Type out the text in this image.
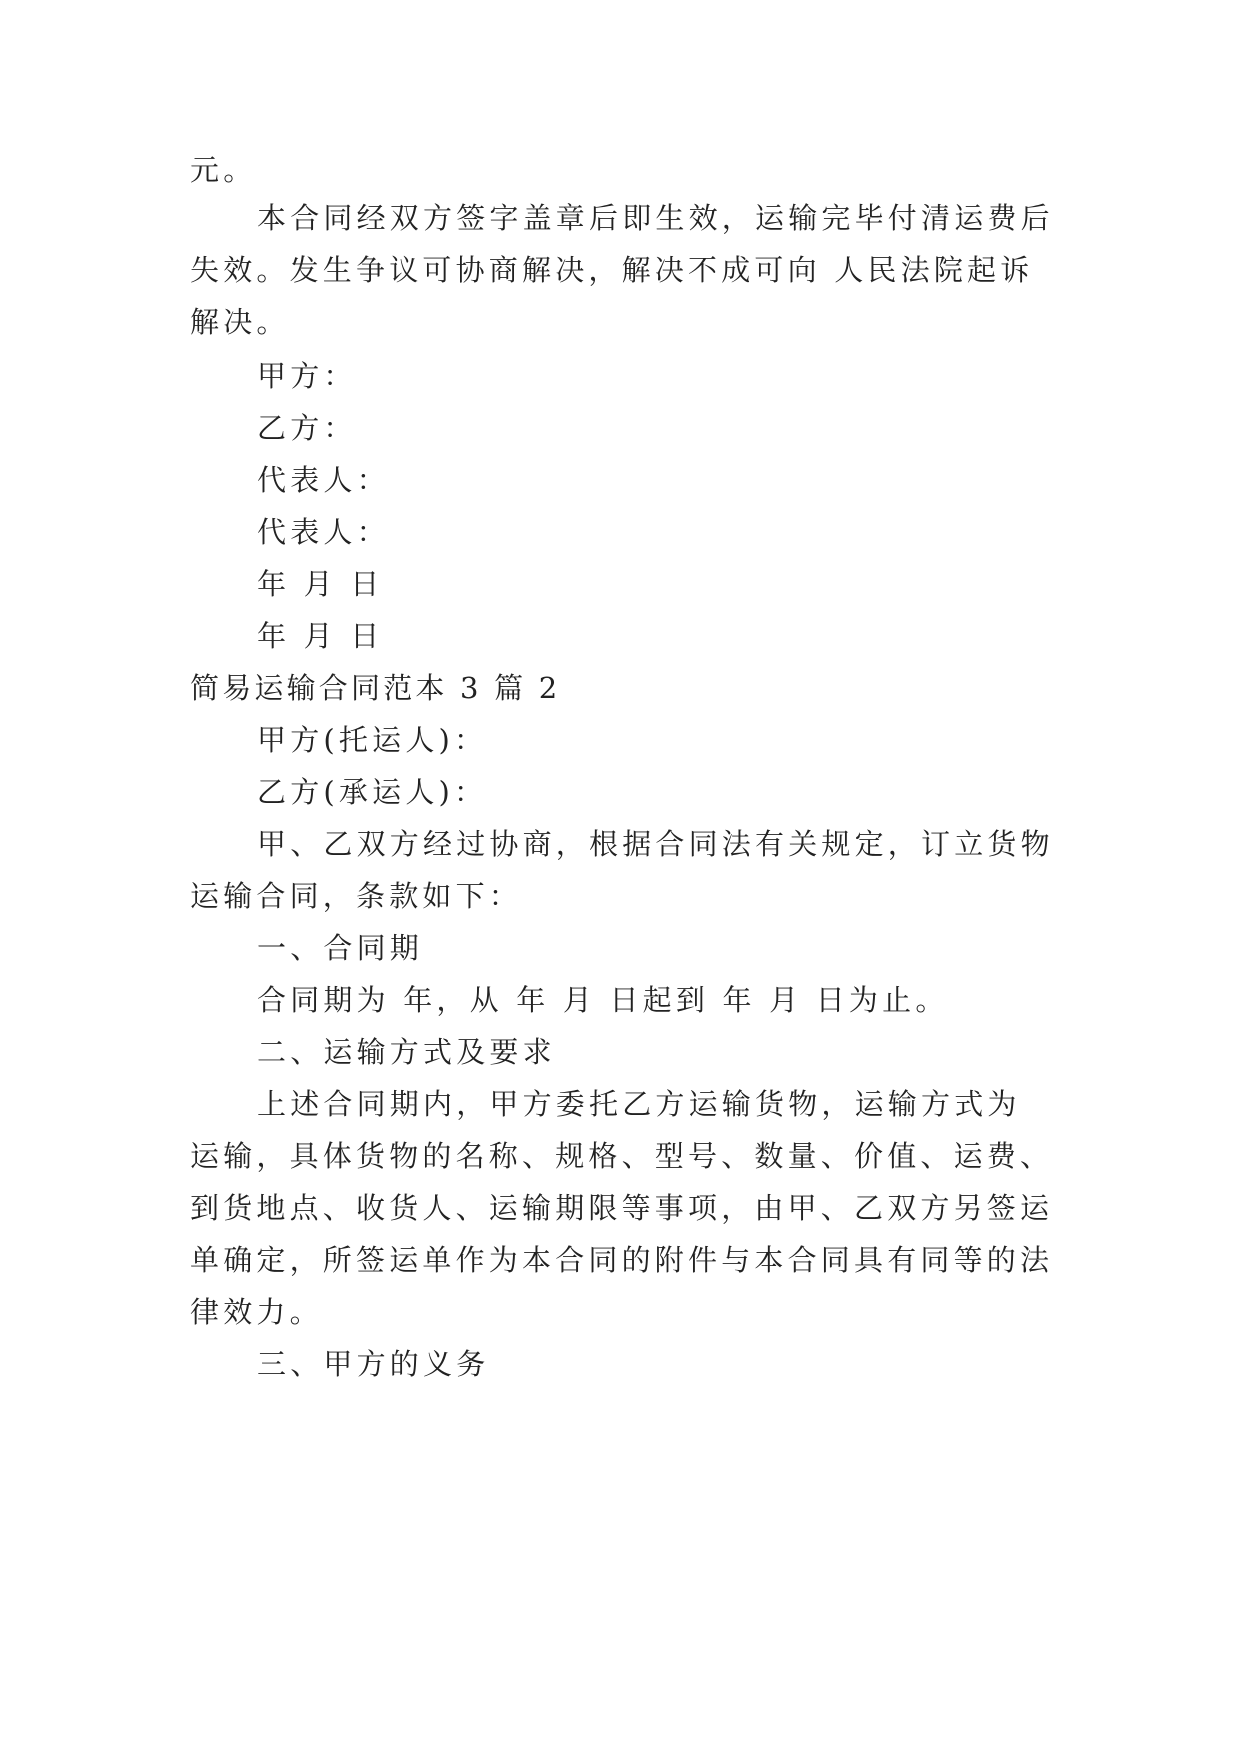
元。
本合同经双方签字盖章后即生效，运输完毕付清运费后
失效。发生争议可协商解决，解决不成可向 人民法院起诉
解决。
甲方：
乙方：
代表人：
代表人：
年 月 日
年 月 日
简易运输合同范本 3 篇 2
甲方(托运人)：
乙方(承运人)：
甲、乙双方经过协商，根据合同法有关规定，订立货物
运输合同，条款如下：
一、合同期
合同期为 年，从 年 月 日起到 年 月 日为止。
二、运输方式及要求
上述合同期内，甲方委托乙方运输货物，运输方式为
运输，具体货物的名称、规格、型号、数量、价值、运费、
到货地点、收货人、运输期限等事项，由甲、乙双方另签运
单确定，所签运单作为本合同的附件与本合同具有同等的法
律效力。
三、甲方的义务
